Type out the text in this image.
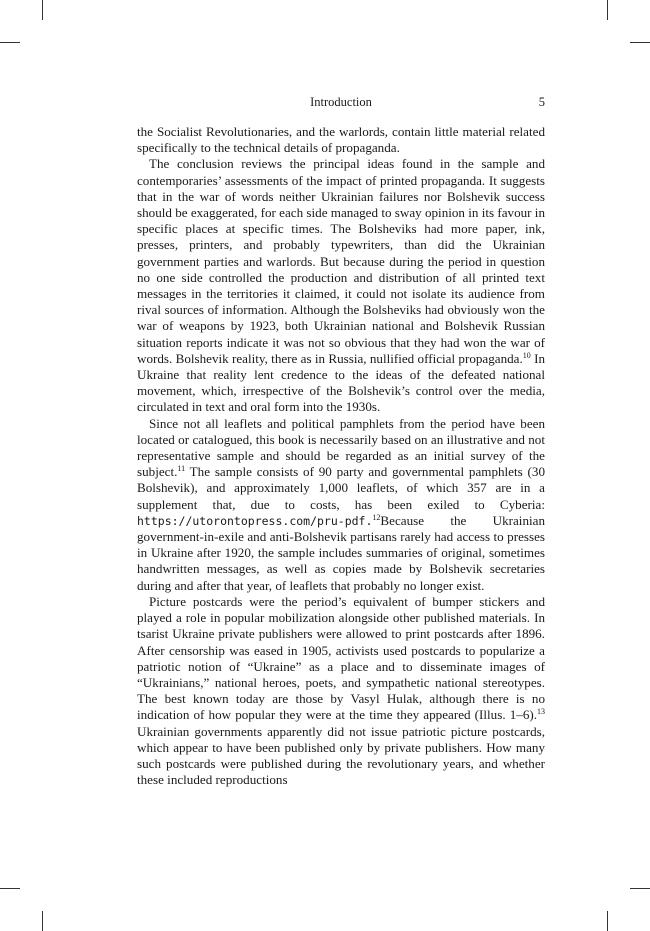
Introduction	5

the Socialist Revolutionaries, and the warlords, contain little material related specifically to the technical details of propaganda.

The conclusion reviews the principal ideas found in the sample and contemporaries’ assessments of the impact of printed propaganda. It suggests that in the war of words neither Ukrainian failures nor Bolshevik success should be exaggerated, for each side managed to sway opinion in its favour in specific places at specific times. The Bolsheviks had more paper, ink, presses, printers, and probably typewriters, than did the Ukrainian government parties and warlords. But because during the period in question no one side controlled the production and distribution of all printed text messages in the territories it claimed, it could not isolate its audience from rival sources of information. Although the Bolsheviks had obviously won the war of weapons by 1923, both Ukrainian national and Bolshevik Russian situation reports indicate it was not so obvious that they had won the war of words. Bolshevik reality, there as in Russia, nullified official propaganda.$^{10}$ In Ukraine that reality lent credence to the ideas of the defeated national movement, which, irrespective of the Bolshevik’s control over the media, circulated in text and oral form into the 1930s.

Since not all leaflets and political pamphlets from the period have been located or catalogued, this book is necessarily based on an illustrative and not representative sample and should be regarded as an initial survey of the subject.$^{11}$ The sample consists of 90 party and governmental pamphlets (30 Bolshevik), and approximately 1,000 leaflets, of which 357 are in a supplement that, due to costs, has been exiled to Cyberia: https://utorontopress.com/pru-pdf.$^{12}$Because the Ukrainian government-in-exile and anti-Bolshevik partisans rarely had access to presses in Ukraine after 1920, the sample includes summaries of original, sometimes handwritten messages, as well as copies made by Bolshevik secretaries during and after that year, of leaflets that probably no longer exist.

Picture postcards were the period’s equivalent of bumper stickers and played a role in popular mobilization alongside other published materials. In tsarist Ukraine private publishers were allowed to print postcards after 1896. After censorship was eased in 1905, activists used postcards to popularize a patriotic notion of “Ukraine” as a place and to disseminate images of “Ukrainians,” national heroes, poets, and sympathetic national stereotypes. The best known today are those by Vasyl Hulak, although there is no indication of how popular they were at the time they appeared (Illus. 1–6).$^{13}$ Ukrainian governments apparently did not issue patriotic picture postcards, which appear to have been published only by private publishers. How many such postcards were published during the revolutionary years, and whether these included reproductions
